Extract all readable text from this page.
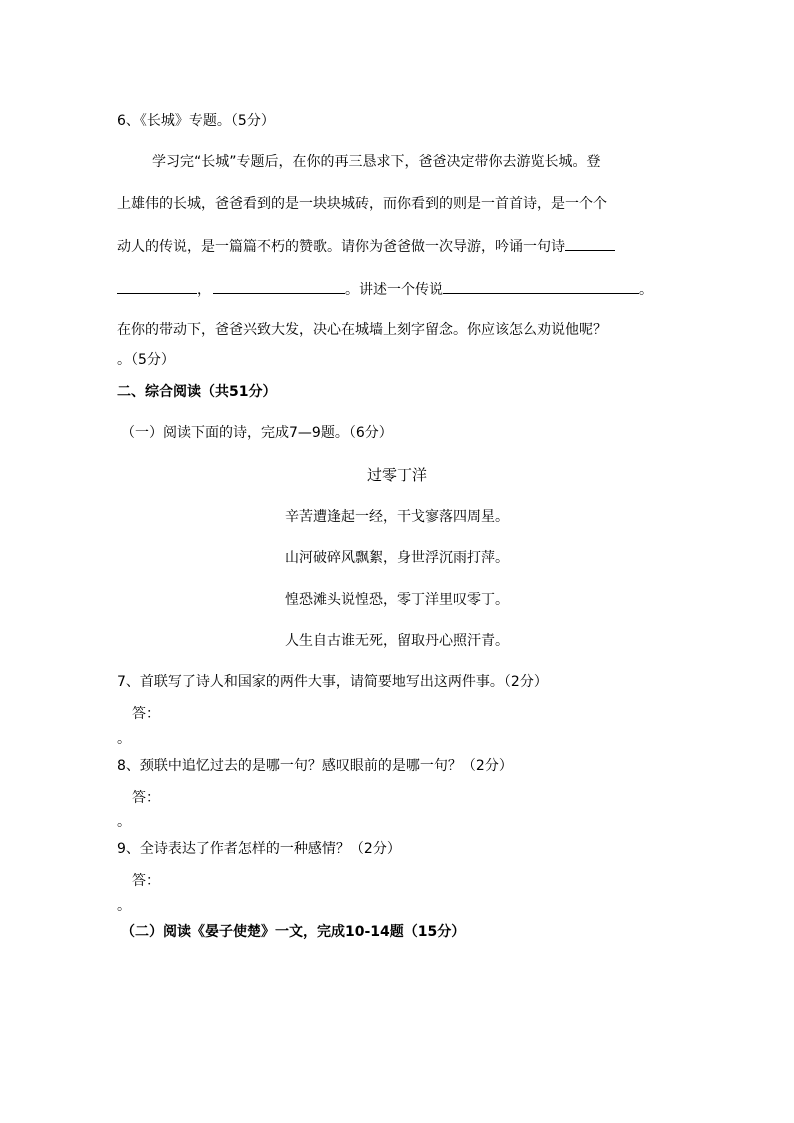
6、《长城》专题。（5分）
学习完“长城”专题后，在你的再三恳求下，爸爸决定带你去游览长城。登
上雄伟的长城，爸爸看到的是一块块城砖，而你看到的则是一首首诗，是一个个
动人的传说，是一篇篇不朽的赞歌。请你为爸爸做一次导游，吟诵一句诗
，	。讲述一个传说	。
在你的带动下，爸爸兴致大发，决心在城墙上刻字留念。你应该怎么劝说他呢？
。（5分）
二、综合阅读（共51分）
（一）阅读下面的诗，完成7—9题。（6分）
过零丁洋
辛苦遭逢起一经，干戈寥落四周星。
山河破碎风飘絮，身世浮沉雨打萍。
惶恐滩头说惶恐，零丁洋里叹零丁。
人生自古谁无死，留取丹心照汗青。
7、首联写了诗人和国家的两件大事，请简要地写出这两件事。（2分）
答：
。
8、颈联中追忆过去的是哪一句？感叹眼前的是哪一句？（2分）
答：
。
9、全诗表达了作者怎样的一种感情？（2分）
答：
。
（二）阅读《晏子使楚》一文，完成10-14题（15分）
